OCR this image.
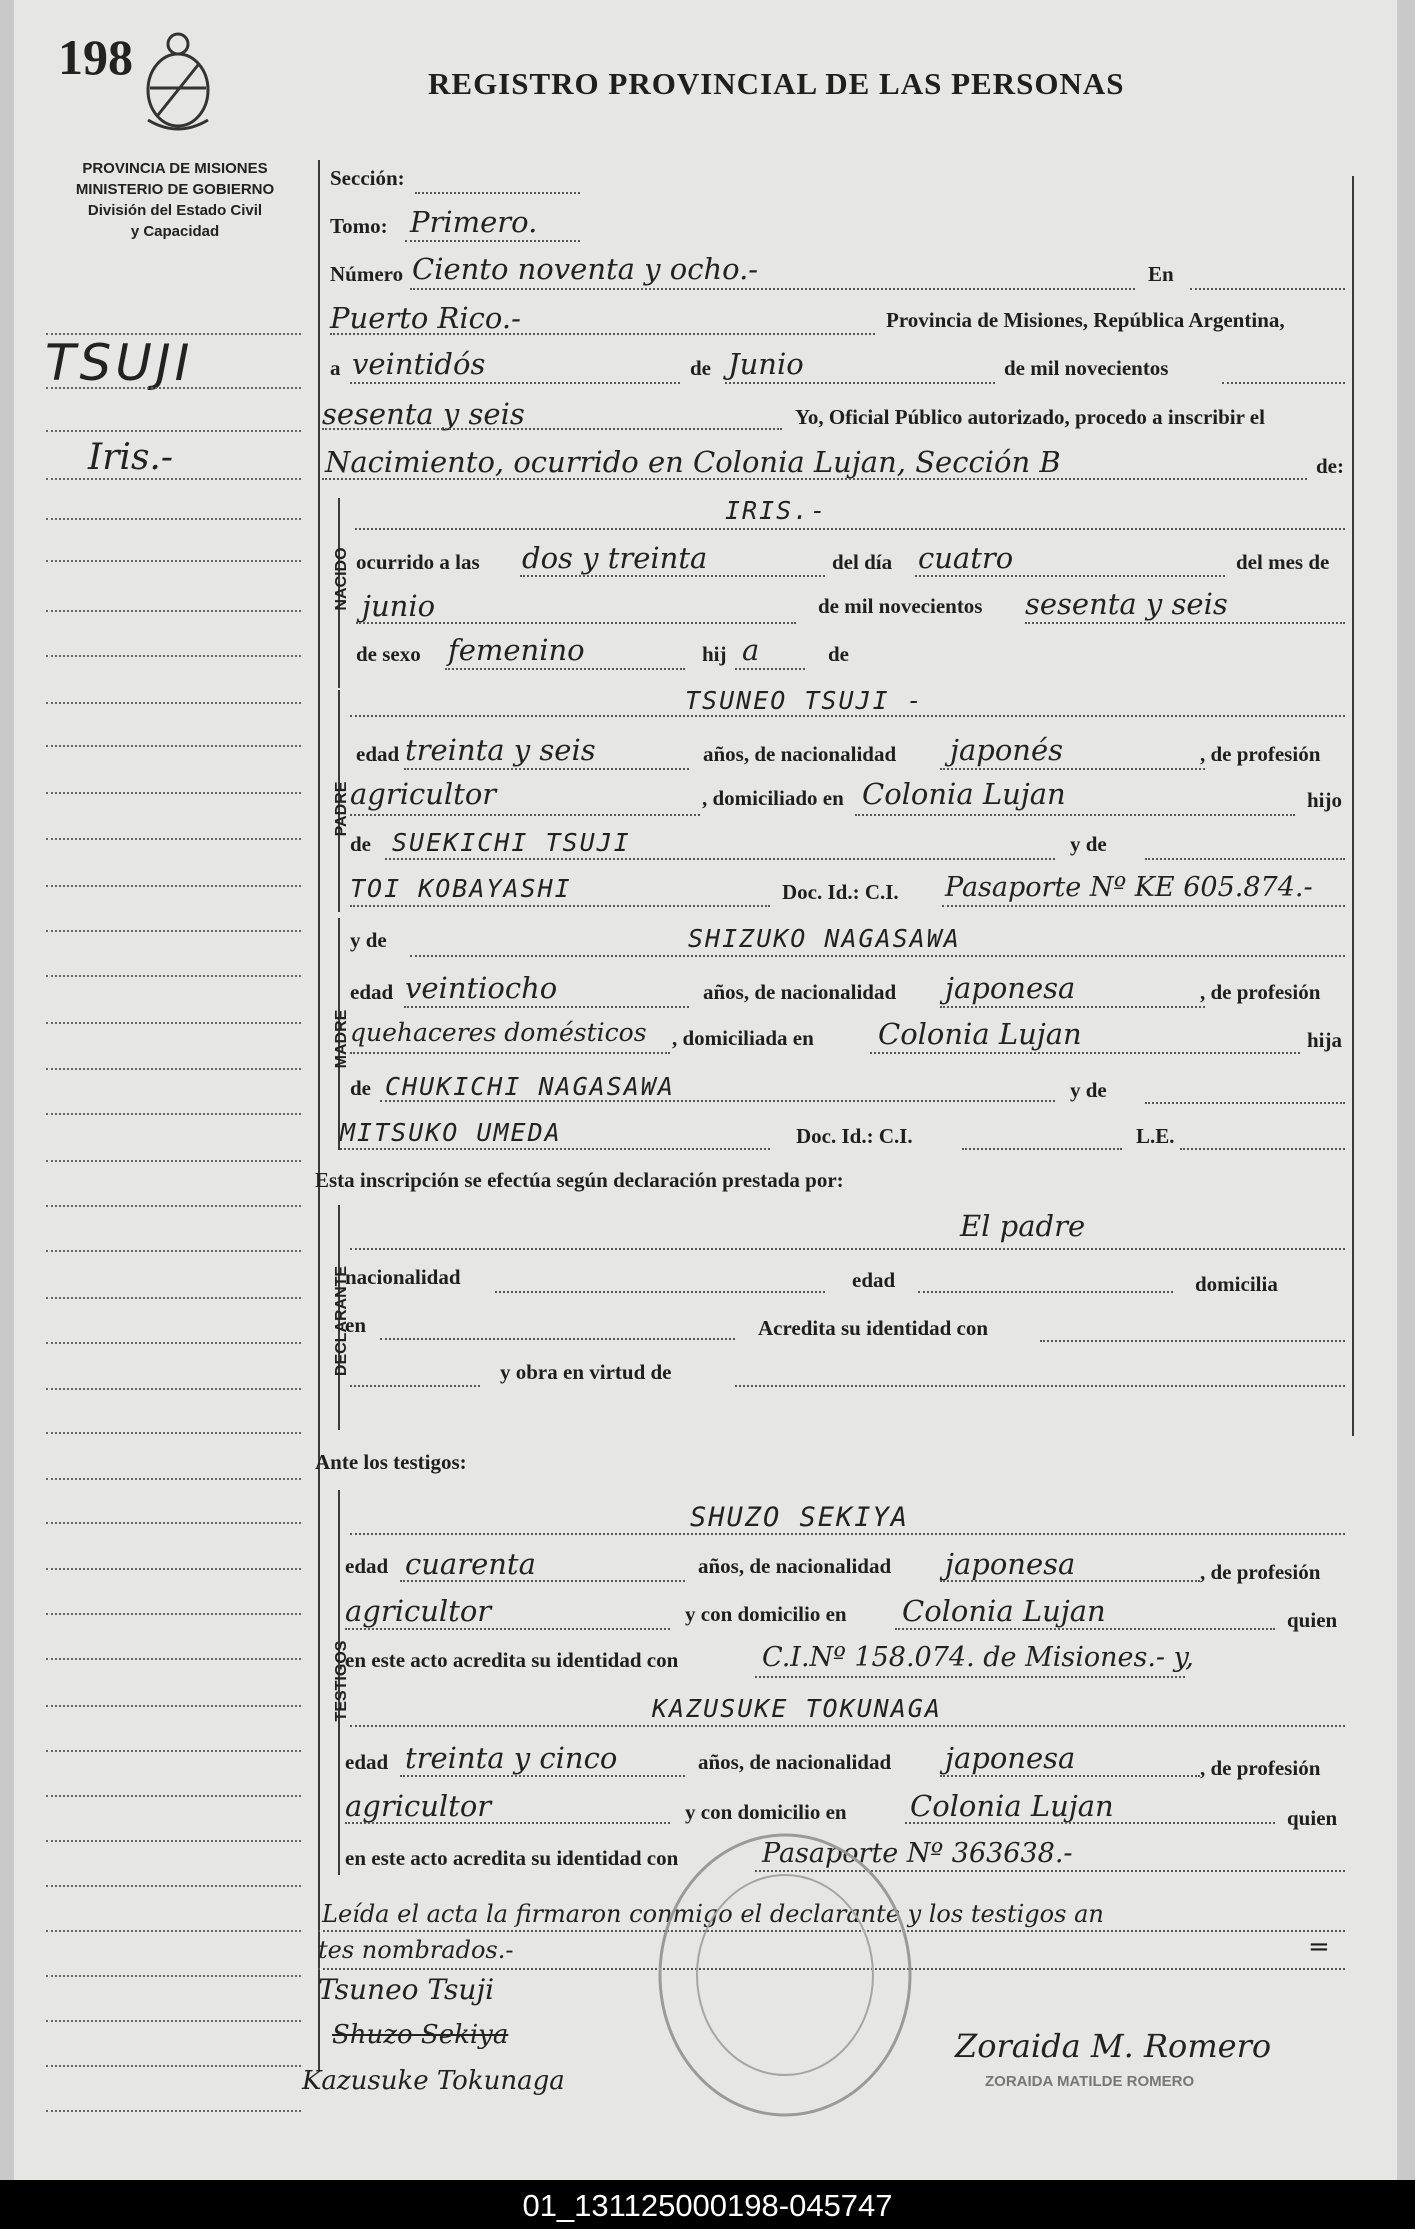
198	REGISTRO PROVINCIAL DE LAS PERSONAS
PROVINCIA DE MISIONES
MINISTERIO DE GOBIERNO
División del Estado Civil
y Capacidad
TSUJI
Iris.-
Sección:
Tomo: Primero.
Número Ciento noventa y ocho.-	En
Puerto Rico.-	Provincia de Misiones, República Argentina,
a veintidós	de Junio	de mil novecientos
sesenta y seis	Yo, Oficial Público autorizado, procedo a inscribir el
Nacimiento, ocurrido en Colonia Lujan, Sección B	de:
NACIDO
IRIS.-
ocurrido a las dos y treinta	del día cuatro	del mes de
junio	de mil novecientos sesenta y seis
de sexo femenino	hij a	de
PADRE
TSUNEO TSUJI -
edad treinta y seis	años, de nacionalidad japonés	, de profesión
agricultor	, domiciliado en Colonia Lujan	hijo
de SUEKICHI TSUJI	y de
TOI KOBAYASHI	Doc. Id.: C.I. Pasaporte Nº KE 605.874.-
MADRE
y de	SHIZUKO NAGASAWA
edad veintiocho	años, de nacionalidad japonesa	, de profesión
quehaceres domésticos , domiciliada en Colonia Lujan	hija
de CHUKICHI NAGASAWA	y de
MITSUKO UMEDA	Doc. Id.: C.I.	L.E.
Esta inscripción se efectúa según declaración prestada por:
DECLARANTE
El padre
nacionalidad	edad	domicilia
en	Acredita su identidad con
y obra en virtud de
Ante los testigos:
TESTIGOS
SHUZO SEKIYA
edad cuarenta	años, de nacionalidad japonesa	, de profesión
agricultor	y con domicilio en Colonia Lujan	quien
en este acto acredita su identidad con	C.I.Nº 158.074. de Misiones.- y,
KAZUSUKE TOKUNAGA
edad treinta y cinco	años, de nacionalidad japonesa	, de profesión
agricultor	y con domicilio en Colonia Lujan	quien
en este acto acredita su identidad con	Pasaporte Nº 363638.-
Leída el acta la firmaron conmigo el declarante y los testigos an
tes nombrados.-	=
Tsuneo Tsuji
Shuzo Sekiya
Kazusuke Tokunaga
Zoraida M. Romero
ZORAIDA MATILDE ROMERO
01_131125000198-045747
